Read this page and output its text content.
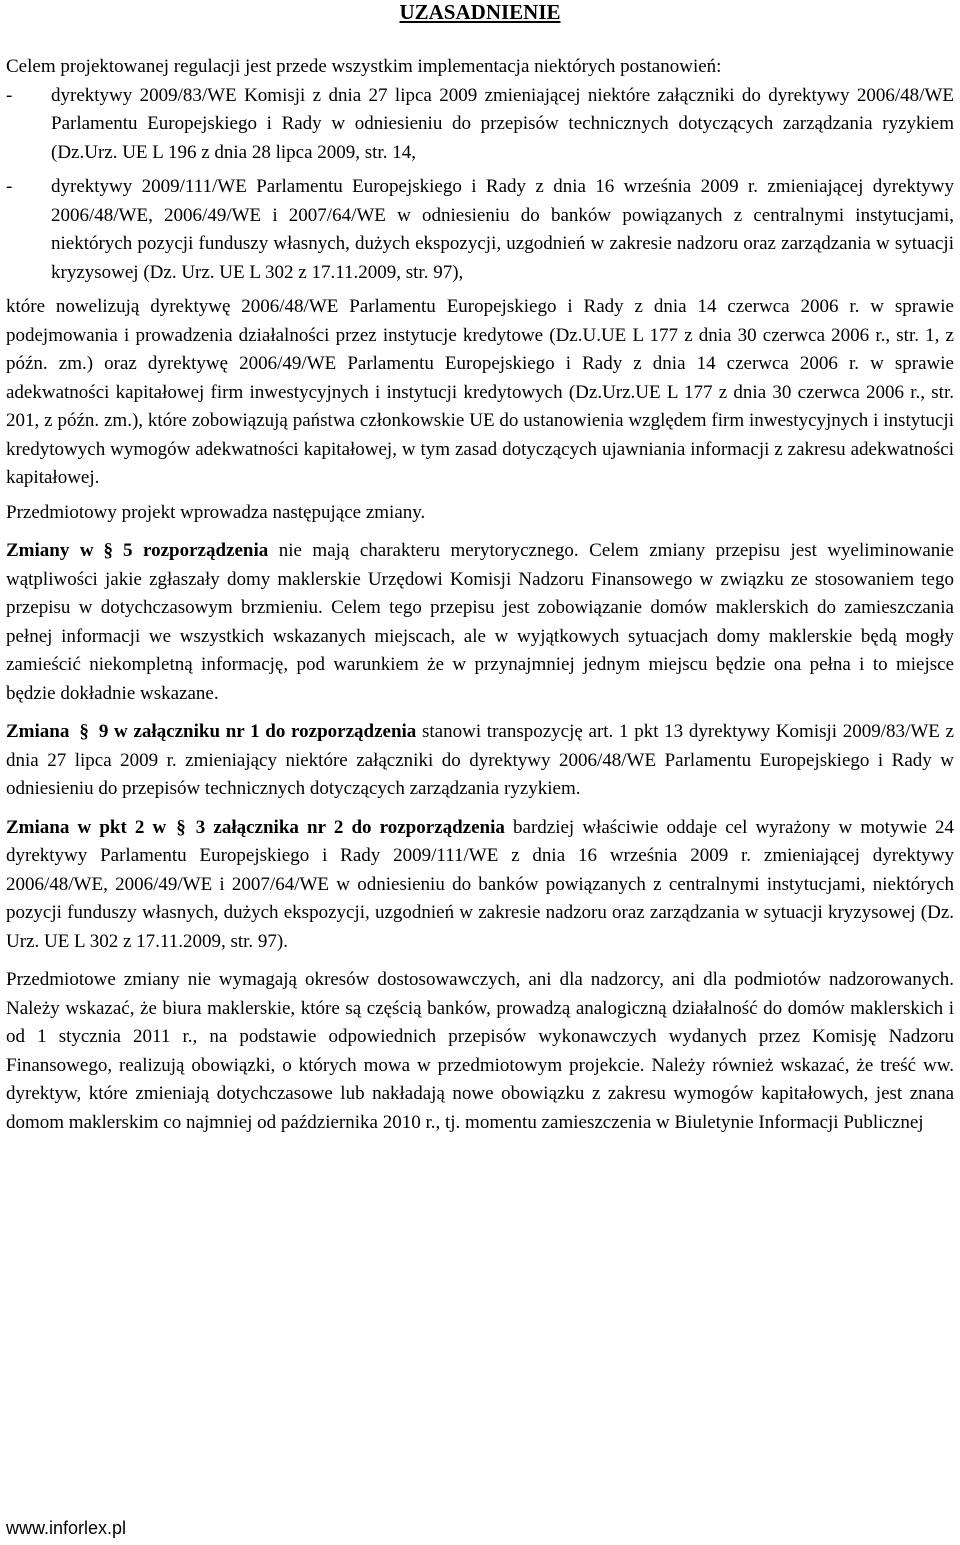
UZASADNIENIE

Celem projektowanej regulacji jest przede wszystkim implementacja niektórych postanowień:

- dyrektywy 2009/83/WE Komisji z dnia 27 lipca 2009 zmieniającej niektóre załączniki do dyrektywy 2006/48/WE Parlamentu Europejskiego i Rady w odniesieniu do przepisów technicznych dotyczących zarządzania ryzykiem (Dz.Urz. UE L 196 z dnia 28 lipca 2009, str. 14,
- dyrektywy 2009/111/WE Parlamentu Europejskiego i Rady z dnia 16 września 2009 r. zmieniającej dyrektywy 2006/48/WE, 2006/49/WE i 2007/64/WE w odniesieniu do banków powiązanych z centralnymi instytucjami, niektórych pozycji funduszy własnych, dużych ekspozycji, uzgodnień w zakresie nadzoru oraz zarządzania w sytuacji kryzysowej (Dz. Urz. UE L 302 z 17.11.2009, str. 97),

które nowelizują dyrektywę 2006/48/WE Parlamentu Europejskiego i Rady z dnia 14 czerwca 2006 r. w sprawie podejmowania i prowadzenia działalności przez instytucje kredytowe (Dz.U.UE L 177 z dnia 30 czerwca 2006 r., str. 1, z późn. zm.) oraz dyrektywę 2006/49/WE Parlamentu Europejskiego i Rady z dnia 14 czerwca 2006 r. w sprawie adekwatności kapitałowej firm inwestycyjnych i instytucji kredytowych (Dz.Urz.UE L 177 z dnia 30 czerwca 2006 r., str. 201, z późn. zm.), które zobowiązują państwa członkowskie UE do ustanowienia względem firm inwestycyjnych i instytucji kredytowych wymogów adekwatności kapitałowej, w tym zasad dotyczących ujawniania informacji z zakresu adekwatności kapitałowej.

Przedmiotowy projekt wprowadza następujące zmiany.

Zmiany w § 5 rozporządzenia nie mają charakteru merytorycznego. Celem zmiany przepisu jest wyeliminowanie wątpliwości jakie zgłaszały domy maklerskie Urzędowi Komisji Nadzoru Finansowego w związku ze stosowaniem tego przepisu w dotychczasowym brzmieniu. Celem tego przepisu jest zobowiązanie domów maklerskich do zamieszczania pełnej informacji we wszystkich wskazanych miejscach, ale w wyjątkowych sytuacjach domy maklerskie będą mogły zamieścić niekompletną informację, pod warunkiem że w przynajmniej jednym miejscu będzie ona pełna i to miejsce będzie dokładnie wskazane.

Zmiana § 9 w załączniku nr 1 do rozporządzenia stanowi transpozycję art. 1 pkt 13 dyrektywy Komisji 2009/83/WE z dnia 27 lipca 2009 r. zmieniający niektóre załączniki do dyrektywy 2006/48/WE Parlamentu Europejskiego i Rady w odniesieniu do przepisów technicznych dotyczących zarządzania ryzykiem.

Zmiana w pkt 2 w § 3 załącznika nr 2 do rozporządzenia bardziej właściwie oddaje cel wyrażony w motywie 24 dyrektywy Parlamentu Europejskiego i Rady 2009/111/WE z dnia 16 września 2009 r. zmieniającej dyrektywy 2006/48/WE, 2006/49/WE i 2007/64/WE w odniesieniu do banków powiązanych z centralnymi instytucjami, niektórych pozycji funduszy własnych, dużych ekspozycji, uzgodnień w zakresie nadzoru oraz zarządzania w sytuacji kryzysowej (Dz. Urz. UE L 302 z 17.11.2009, str. 97).

Przedmiotowe zmiany nie wymagają okresów dostosowawczych, ani dla nadzorcy, ani dla podmiotów nadzorowanych. Należy wskazać, że biura maklerskie, które są częścią banków, prowadzą analogiczną działalność do domów maklerskich i od 1 stycznia 2011 r., na podstawie odpowiednich przepisów wykonawczych wydanych przez Komisję Nadzoru Finansowego, realizują obowiązki, o których mowa w przedmiotowym projekcie. Należy również wskazać, że treść ww. dyrektyw, które zmieniają dotychczasowe lub nakładają nowe obowiązku z zakresu wymogów kapitałowych, jest znana domom maklerskim co najmniej od października 2010 r., tj. momentu zamieszczenia w Biuletynie Informacji Publicznej

www.inforlex.pl
